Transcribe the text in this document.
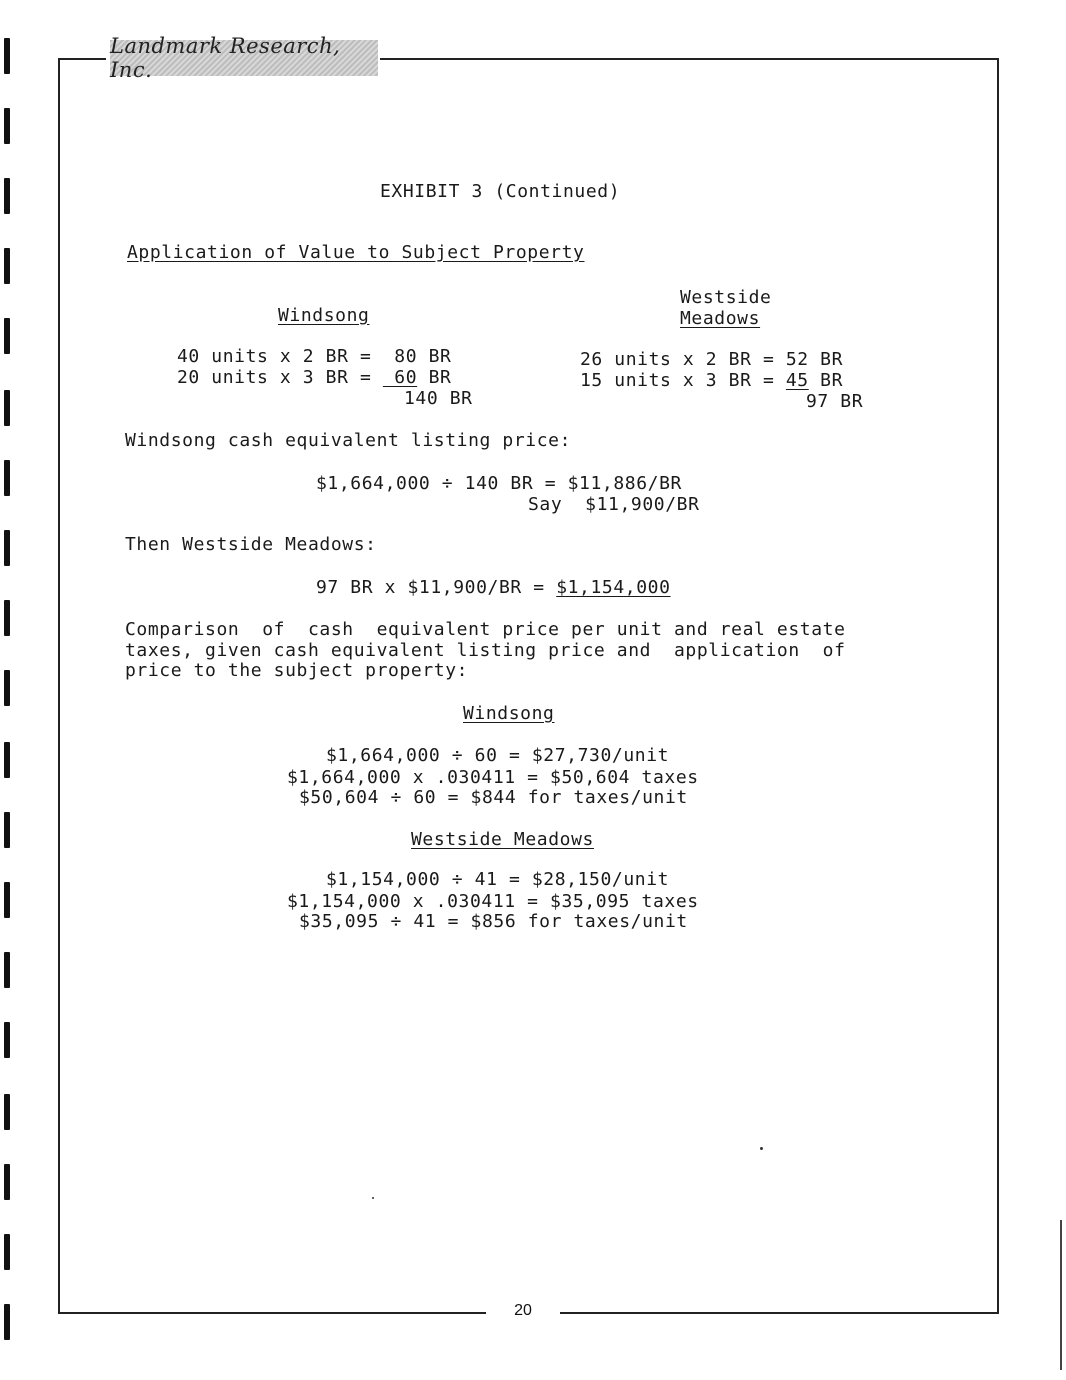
Landmark Research, Inc.
EXHIBIT 3 (Continued)
Application of Value to Subject Property
Windsong
40 units x 2 BR =  80 BR
20 units x 3 BR =  60 BR
140 BR
Westside
Meadows
26 units x 2 BR = 52 BR
15 units x 3 BR = 45 BR
97 BR
Windsong cash equivalent listing price:
$1,664,000 ÷ 140 BR = $11,886/BR
Say  $11,900/BR
Then Westside Meadows:
97 BR x $11,900/BR = $1,154,000
Comparison  of  cash  equivalent price per unit and real estate
taxes, given cash equivalent listing price and  application  of
price to the subject property:
Windsong
$1,664,000 ÷ 60 = $27,730/unit
$1,664,000 x .030411 = $50,604 taxes
$50,604 ÷ 60 = $844 for taxes/unit
Westside Meadows
$1,154,000 ÷ 41 = $28,150/unit
$1,154,000 x .030411 = $35,095 taxes
$35,095 ÷ 41 = $856 for taxes/unit
20
